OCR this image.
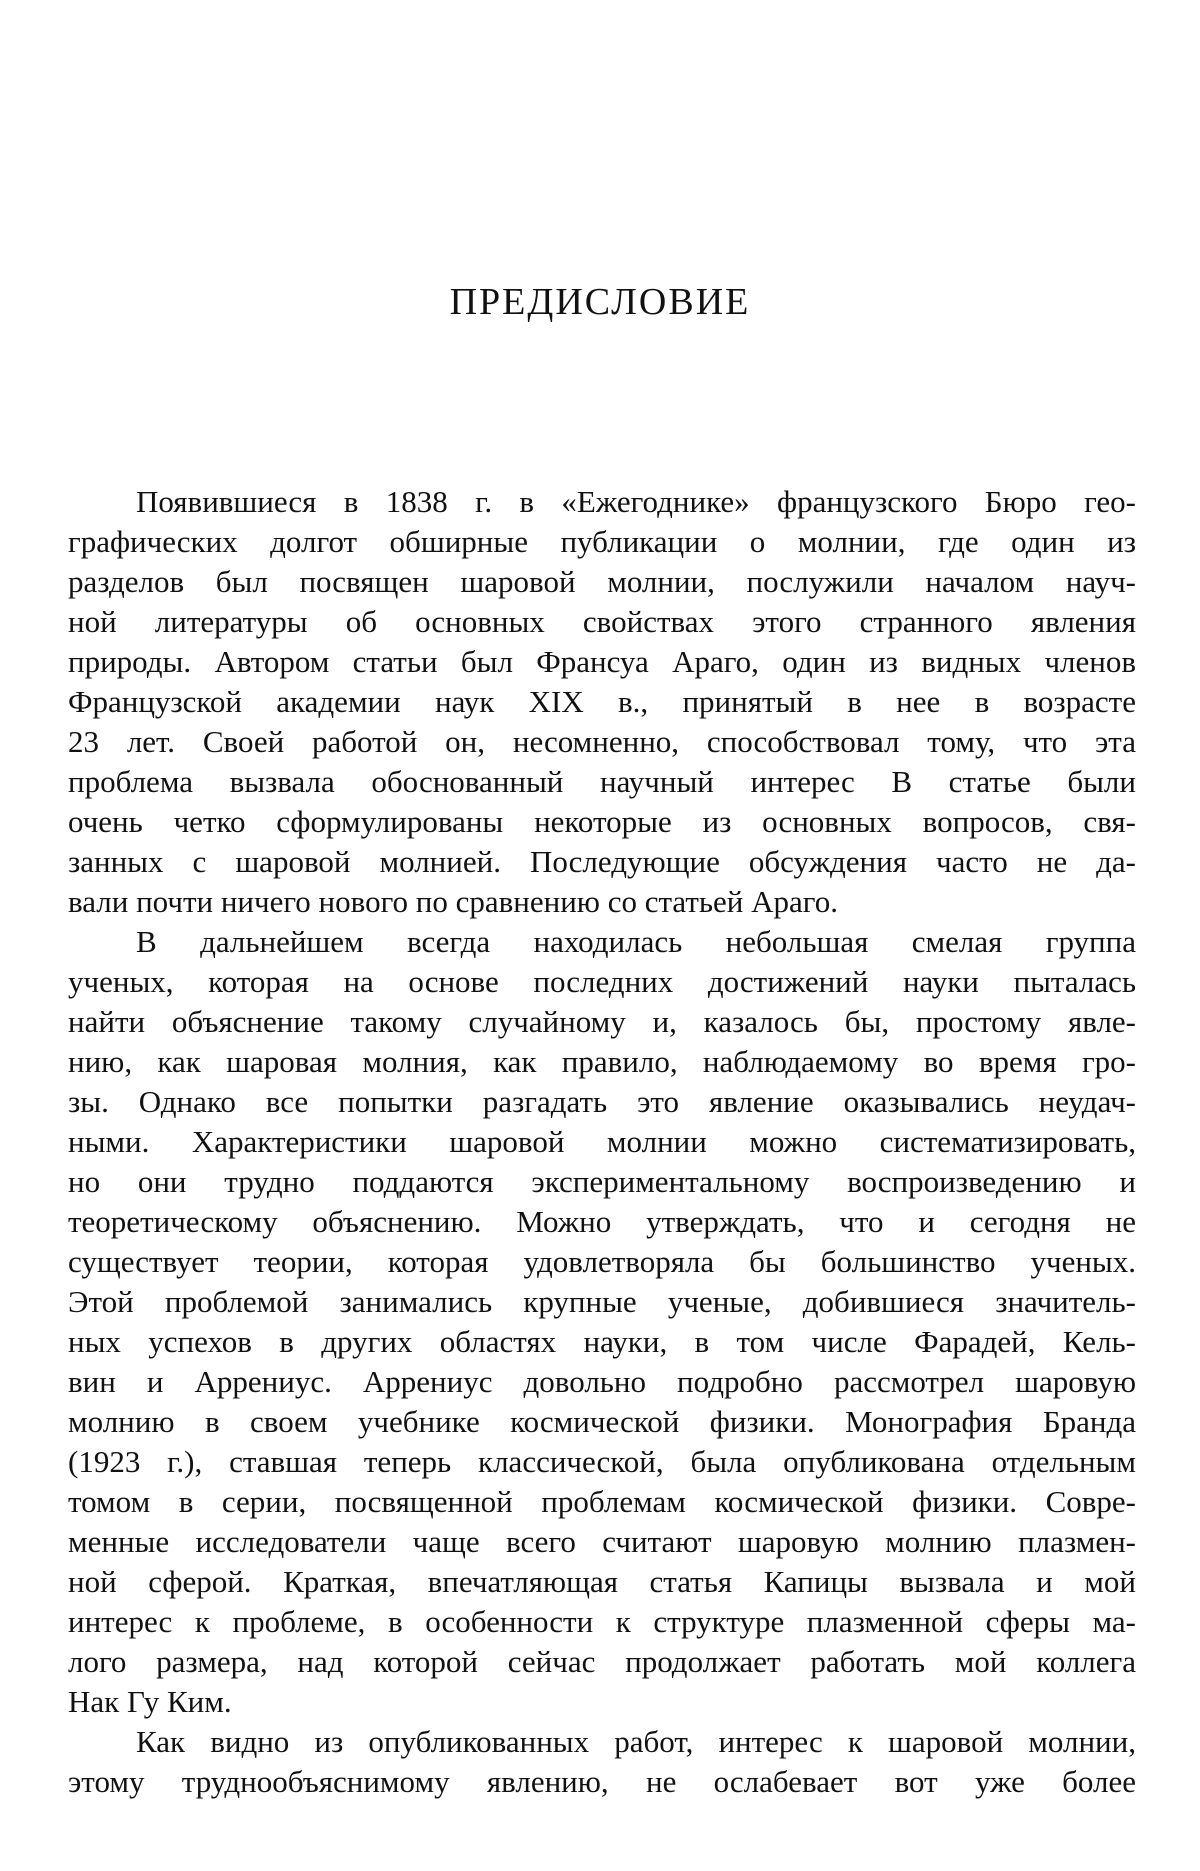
ПРЕДИСЛОВИЕ
Появившиеся в 1838 г. в «Ежегоднике» французского Бюро гео-
графических долгот обширные публикации о молнии, где один из
разделов был посвящен шаровой молнии, послужили началом науч-
ной литературы об основных свойствах этого странного явления
природы. Автором статьи был Франсуа Араго, один из видных членов
Французской академии наук XIX в., принятый в нее в возрасте
23 лет. Своей работой он, несомненно, способствовал тому, что эта
проблема вызвала обоснованный научный интерес В статье были
очень четко сформулированы некоторые из основных вопросов, свя-
занных с шаровой молнией. Последующие обсуждения часто не да-
вали почти ничего нового по сравнению со статьей Араго.
В дальнейшем всегда находилась небольшая смелая группа
ученых, которая на основе последних достижений науки пыталась
найти объяснение такому случайному и, казалось бы, простому явле-
нию, как шаровая молния, как правило, наблюдаемому во время гро-
зы. Однако все попытки разгадать это явление оказывались неудач-
ными. Характеристики шаровой молнии можно систематизировать,
но они трудно поддаются экспериментальному воспроизведению и
теоретическому объяснению. Можно утверждать, что и сегодня не
существует теории, которая удовлетворяла бы большинство ученых.
Этой проблемой занимались крупные ученые, добившиеся значитель-
ных успехов в других областях науки, в том числе Фарадей, Кель-
вин и Аррениус. Аррениус довольно подробно рассмотрел шаровую
молнию в своем учебнике космической физики. Монография Бранда
(1923 г.), ставшая теперь классической, была опубликована отдельным
томом в серии, посвященной проблемам космической физики. Совре-
менные исследователи чаще всего считают шаровую молнию плазмен-
ной сферой. Краткая, впечатляющая статья Капицы вызвала и мой
интерес к проблеме, в особенности к структуре плазменной сферы ма-
лого размера, над которой сейчас продолжает работать мой коллега
Нак Гу Ким.
Как видно из опубликованных работ, интерес к шаровой молнии,
этому труднообъяснимому явлению, не ослабевает вот уже более
